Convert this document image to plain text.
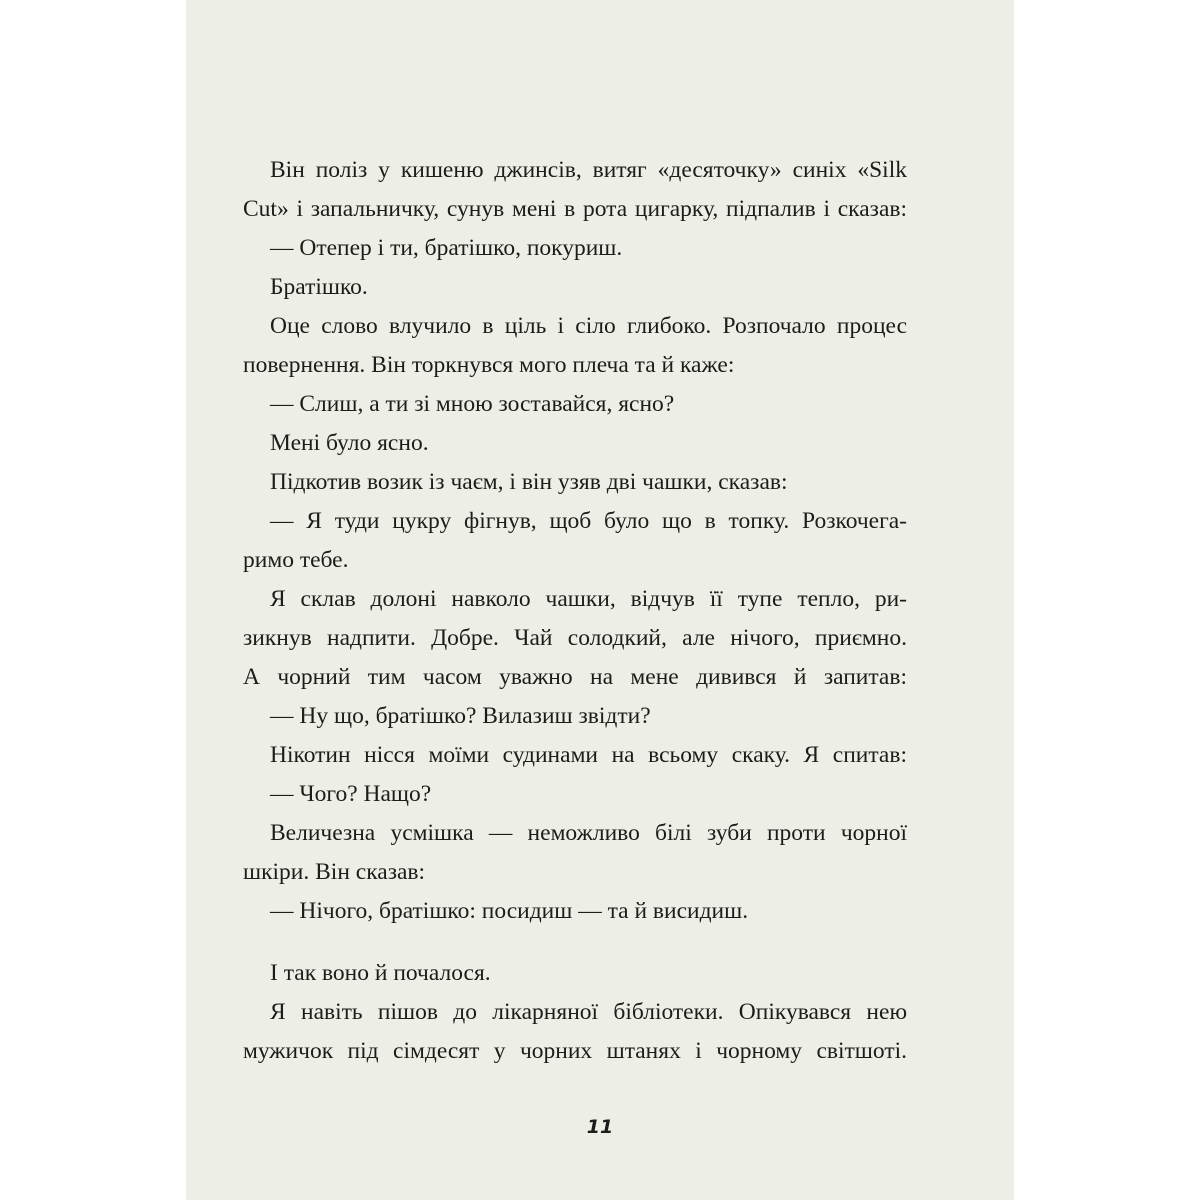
Він поліз у кишеню джинсів, витяг «десяточку» синіх «Silk
Cut» і запальничку, сунув мені в рота цигарку, підпалив і сказав:
— Отепер і ти, братішко, покуриш.
Братішко.
Оце слово влучило в ціль і сіло глибоко. Розпочало процес
повернення. Він торкнувся мого плеча та й каже:
— Слиш, а ти зі мною зоставайся, ясно?
Мені було ясно.
Підкотив возик із чаєм, і він узяв дві чашки, сказав:
— Я туди цукру фігнув, щоб було що в топку. Розкочега-
римо тебе.
Я склав долоні навколо чашки, відчув її тупе тепло, ри-
зикнув надпити. Добре. Чай солодкий, але нічого, приємно.
А чорний тим часом уважно на мене дивився й запитав:
— Ну що, братішко? Вилазиш звідти?
Нікотин нісся моїми судинами на всьому скаку. Я спитав:
— Чого? Нащо?
Величезна усмішка — неможливо білі зуби проти чорної
шкіри. Він сказав:
— Нічого, братішко: посидиш — та й висидиш.
І так воно й почалося.
Я навіть пішов до лікарняної бібліотеки. Опікувався нею
мужичок під сімдесят у чорних штанях і чорному світшоті.
11
